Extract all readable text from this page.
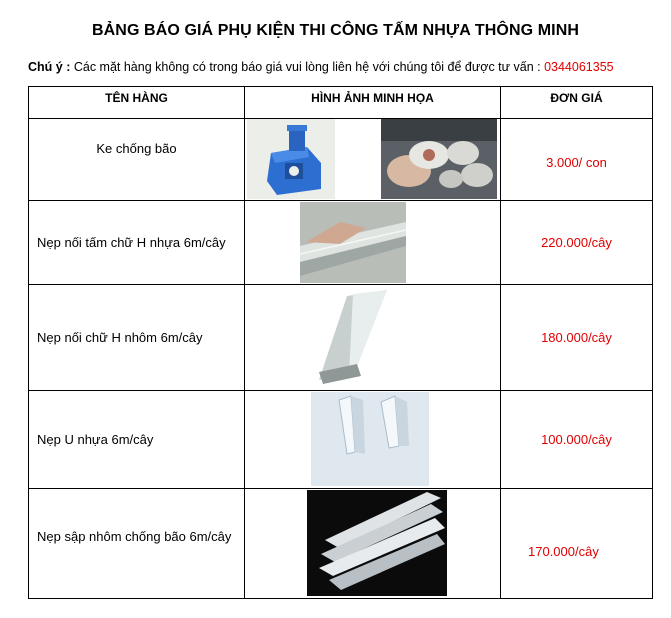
BẢNG BÁO GIÁ PHỤ KIỆN THI CÔNG TẤM NHỰA THÔNG MINH
Chú ý : Các mặt hàng không có trong báo giá vui lòng liên hệ với chúng tôi để được tư vấn : 0344061355
TÊN HÀNG	HÌNH ẢNH MINH HỌA	ĐƠN GIÁ
Ke chống bão		3.000/ con
Nẹp nối tấm chữ H nhựa 6m/cây		220.000/cây
Nẹp nối chữ H nhôm 6m/cây		180.000/cây
Nẹp U nhựa 6m/cây		100.000/cây
Nẹp sập nhôm chống bão 6m/cây		170.000/cây
